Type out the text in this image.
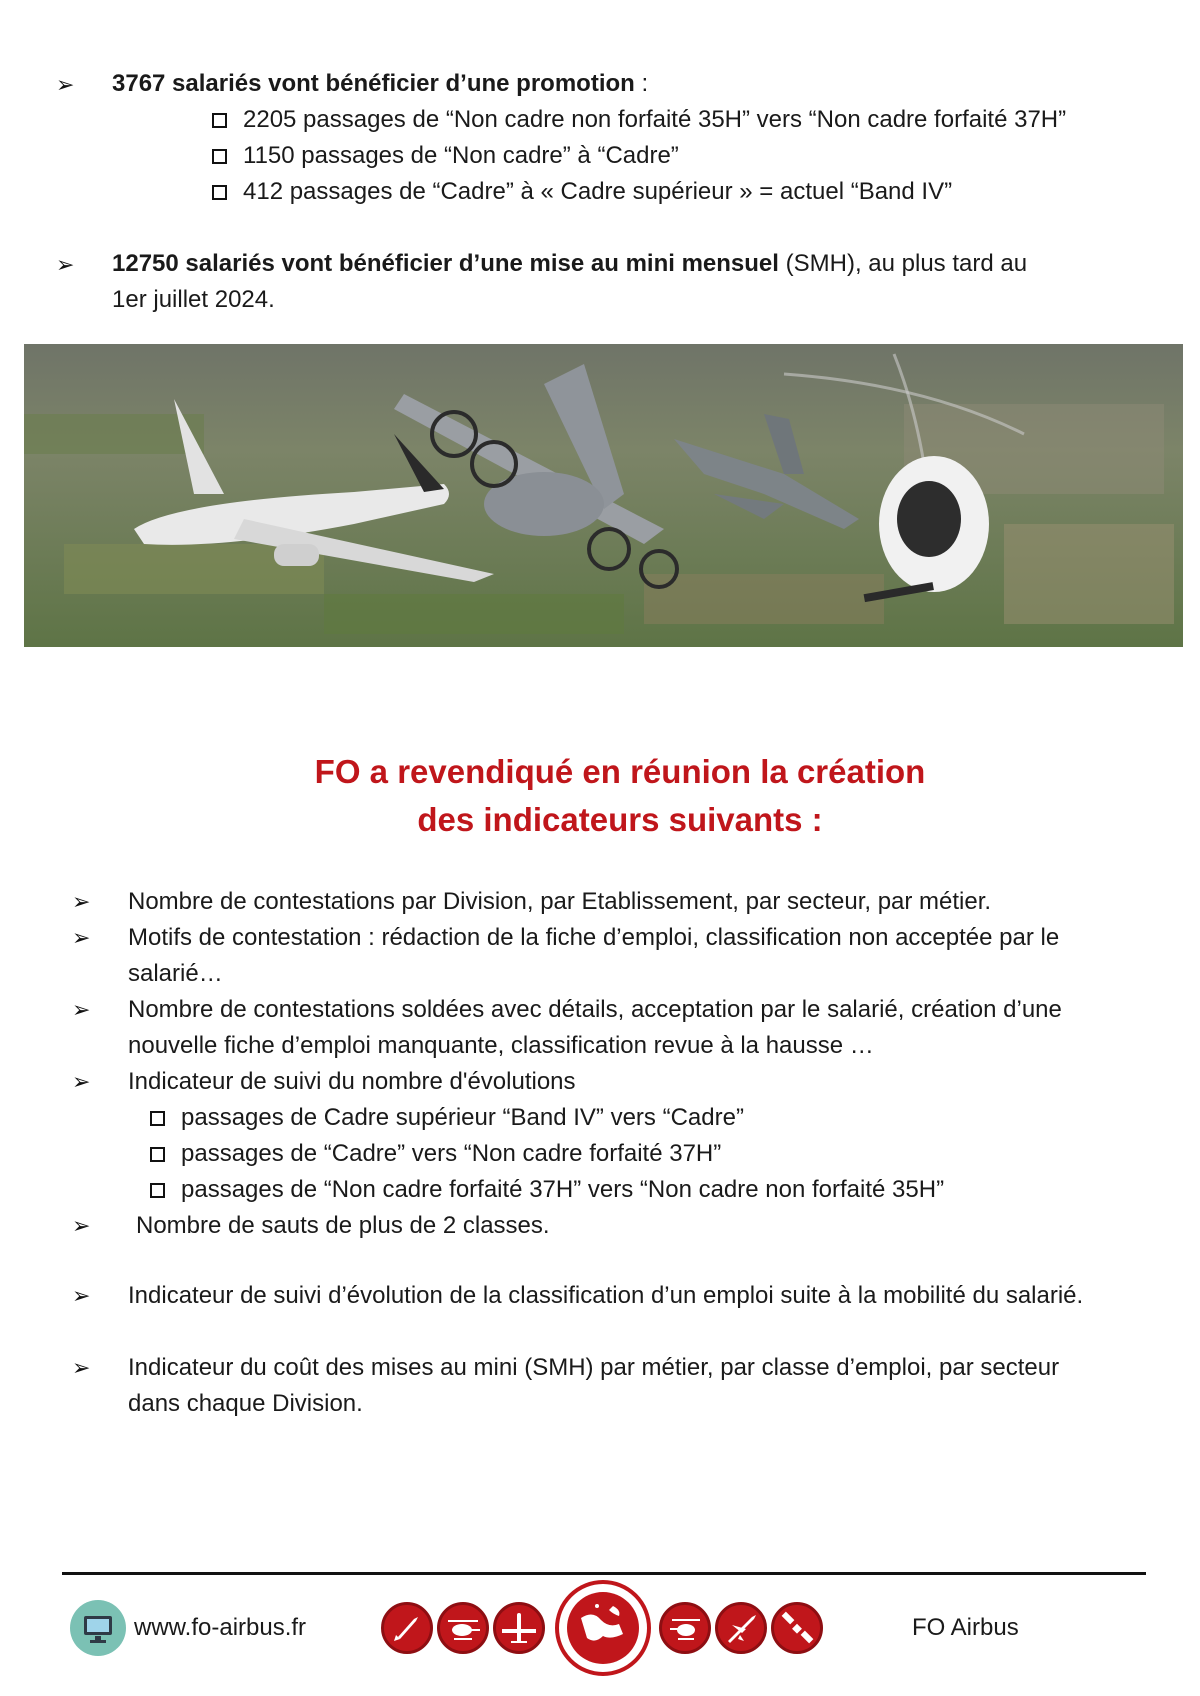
➢ 3767 salariés vont bénéficier d’une promotion :
2205 passages de “Non cadre non forfaité 35H” vers “Non cadre forfaité 37H”
1150 passages de “Non cadre” à “Cadre”
412 passages de “Cadre” à « Cadre supérieur » = actuel “Band IV”
➢ 12750 salariés vont bénéficier d’une mise au mini mensuel (SMH), au plus tard au
1er juillet 2024.
FO a revendiqué en réunion la création
des indicateurs suivants :
➢ Nombre de contestations par Division, par Etablissement, par secteur, par métier.
➢ Motifs de contestation : rédaction de la fiche d’emploi, classification non acceptée par le
salarié…
➢ Nombre de contestations soldées avec détails, acceptation par le salarié, création d’une
nouvelle fiche d’emploi manquante, classification revue à la hausse …
➢ Indicateur de suivi du nombre d'évolutions
passages de Cadre supérieur “Band IV” vers “Cadre”
passages de “Cadre” vers “Non cadre forfaité 37H”
passages de “Non cadre forfaité 37H” vers “Non cadre non forfaité 35H”
➢ Nombre de sauts de plus de 2 classes.
➢ Indicateur de suivi d’évolution de la classification d’un emploi suite à la mobilité du salarié.
➢ Indicateur du coût des mises au mini (SMH) par métier, par classe d’emploi, par secteur
dans chaque Division.
www.fo-airbus.fr	FO Airbus
